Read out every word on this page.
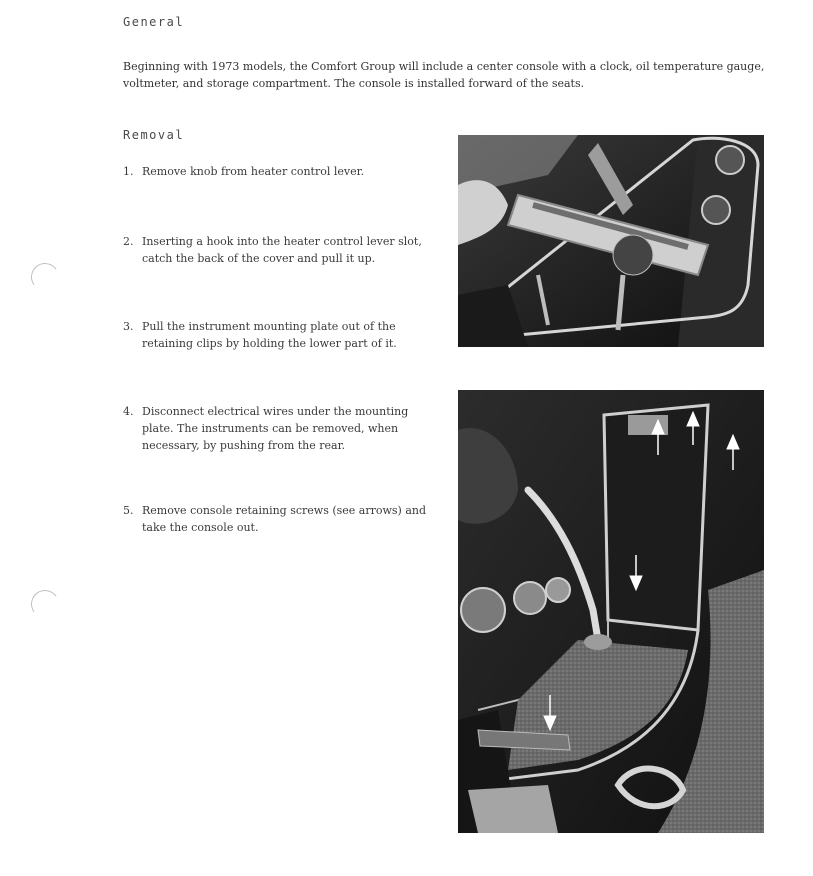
General
Beginning with 1973 models, the Comfort Group will include a center console with a clock, oil temperature gauge, voltmeter, and storage compartment. The console is installed forward of the seats.
Removal
1. Remove knob from heater control lever.
2. Inserting a hook into the heater control lever slot, catch the back of the cover and pull it up.
3. Pull the instrument mounting plate out of the retaining clips by holding the lower part of it.
4. Disconnect electrical wires under the mounting plate. The instruments can be removed, when necessary, by pushing from the rear.
5. Remove console retaining screws (see arrows) and take the console out.
